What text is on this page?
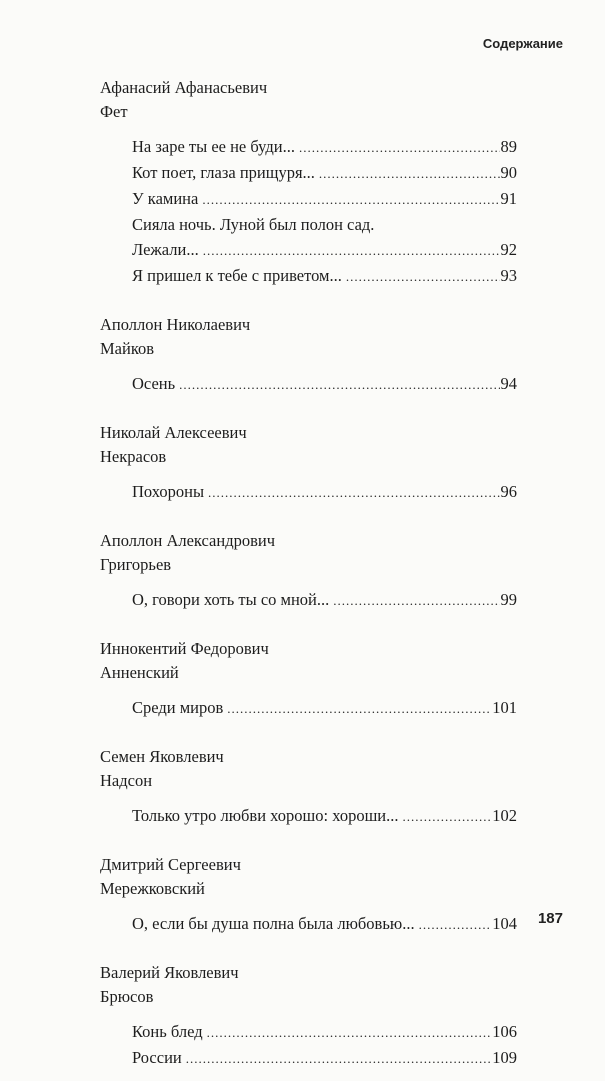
Содержание
Афанасий Афанасьевич
Фет
На заре ты ее не буди... .....	89
Кот поет, глаза прищуря... .....	90
У камина .....	91
Сияла ночь. Луной был полон сад.
Лежали... .....	92
Я пришел к тебе с приветом... .....	93
Аполлон Николаевич
Майков
Осень .....	94
Николай Алексеевич
Некрасов
Похороны .....	96
Аполлон Александрович
Григорьев
О, говори хоть ты со мной... .....	99
Иннокентий Федорович
Анненский
Среди миров .....	101
Семен Яковлевич
Надсон
Только утро любви хорошо: хороши... .....	102
Дмитрий Сергеевич
Мережковский
О, если бы душа полна была любовью... .....	104
Валерий Яковлевич
Брюсов
Конь блед .....	106
России .....	109
187
